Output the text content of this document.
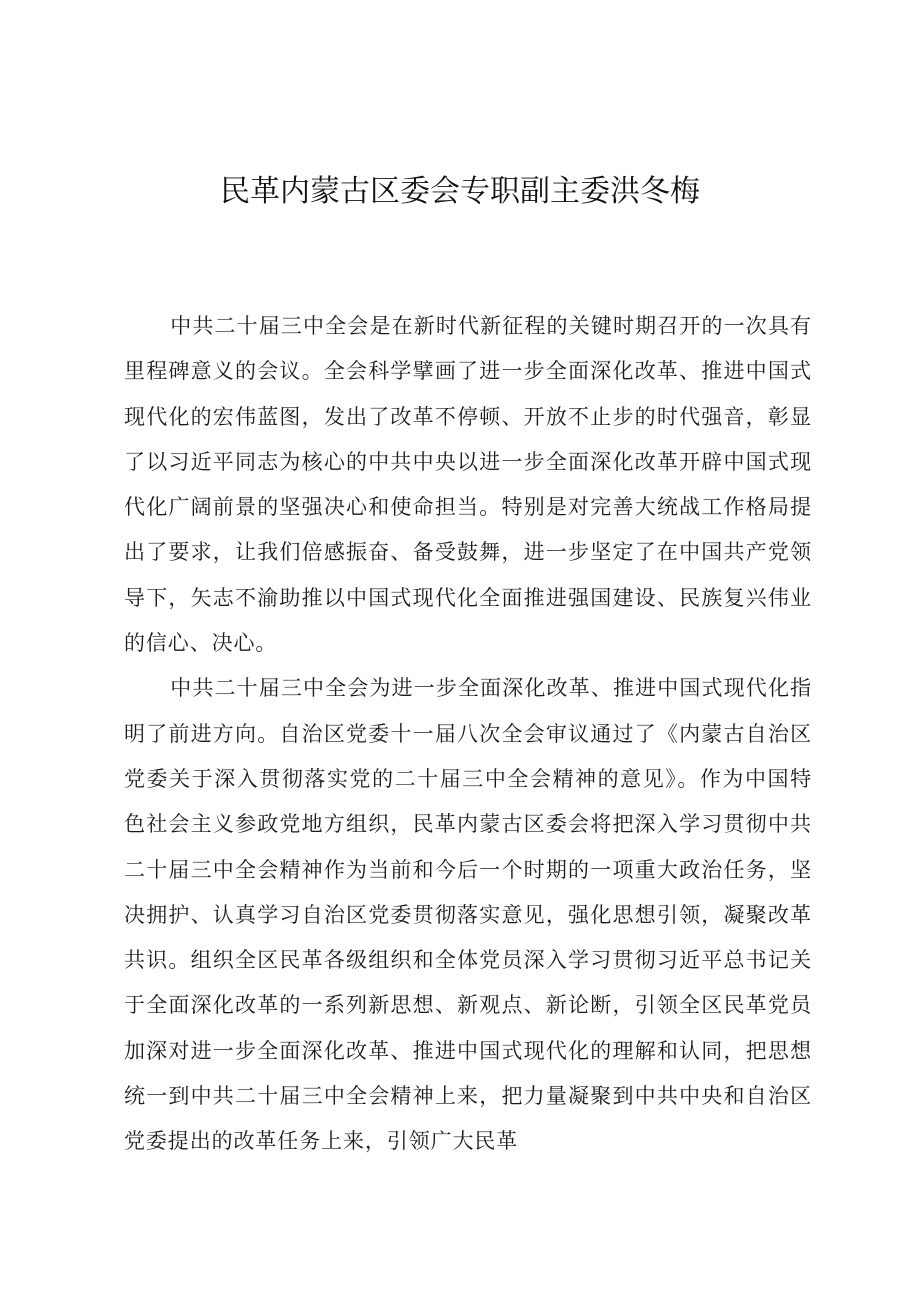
民革内蒙古区委会专职副主委洪冬梅

中共二十届三中全会是在新时代新征程的关键时期召开的一次具有里程碑意义的会议。全会科学擘画了进一步全面深化改革、推进中国式现代化的宏伟蓝图，发出了改革不停顿、开放不止步的时代强音，彰显了以习近平同志为核心的中共中央以进一步全面深化改革开辟中国式现代化广阔前景的坚强决心和使命担当。特别是对完善大统战工作格局提出了要求，让我们倍感振奋、备受鼓舞，进一步坚定了在中国共产党领导下，矢志不渝助推以中国式现代化全面推进强国建设、民族复兴伟业的信心、决心。

中共二十届三中全会为进一步全面深化改革、推进中国式现代化指明了前进方向。自治区党委十一届八次全会审议通过了《内蒙古自治区党委关于深入贯彻落实党的二十届三中全会精神的意见》。作为中国特色社会主义参政党地方组织，民革内蒙古区委会将把深入学习贯彻中共二十届三中全会精神作为当前和今后一个时期的一项重大政治任务，坚决拥护、认真学习自治区党委贯彻落实意见，强化思想引领，凝聚改革共识。组织全区民革各级组织和全体党员深入学习贯彻习近平总书记关于全面深化改革的一系列新思想、新观点、新论断，引领全区民革党员加深对进一步全面深化改革、推进中国式现代化的理解和认同，把思想统一到中共二十届三中全会精神上来，把力量凝聚到中共中央和自治区党委提出的改革任务上来，引领广大民革
